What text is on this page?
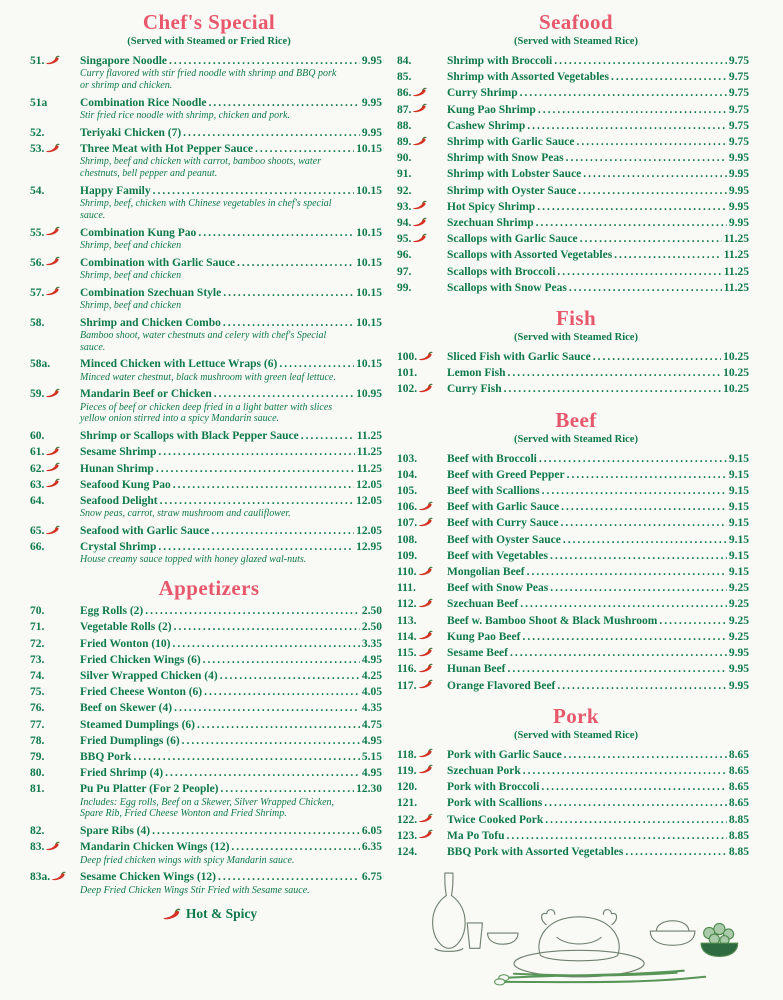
Chef's Special
(Served with Steamed or Fried Rice)
51.	Singapore Noodle .....	9.95
Curry flavored with stir fried noodle with shrimp and BBQ pork or shrimp and chicken.
51a	Combination Rice Noodle .....	9.95
Stir fried rice noodle with shrimp, chicken and pork.
52.	Teriyaki Chicken (7) .....	9.95
53.	Three Meat with Hot Pepper Sauce .....	10.15
Shrimp, beef and chicken with carrot, bamboo shoots, water chestnuts, bell pepper and peanut.
54.	Happy Family .....	10.15
Shrimp, beef, chicken with Chinese vegetables in chef's special sauce.
55.	Combination Kung Pao .....	10.15
Shrimp, beef and chicken
56.	Combination with Garlic Sauce .....	10.15
Shrimp, beef and chicken
57.	Combination Szechuan Style .....	10.15
Shrimp, beef and chicken
58.	Shrimp and Chicken Combo .....	10.15
Bamboo shoot, water chestnuts and celery with chef's Special sauce.
58a.	Minced Chicken with Lettuce Wraps (6) .....	10.15
Minced water chestnut, black mushroom with green leaf lettuce.
59.	Mandarin Beef or Chicken .....	10.95
Pieces of beef or chicken deep fried in a light batter with slices yellow onion stirred into a spicy Mandarin sauce.
60.	Shrimp or Scallops with Black Pepper Sauce .....	11.25
61.	Sesame Shrimp .....	11.25
62.	Hunan Shrimp .....	11.25
63.	Seafood Kung Pao .....	12.05
64.	Seafood Delight .....	12.05
Snow peas, carrot, straw mushroom and cauliflower.
65.	Seafood with Garlic Sauce .....	12.05
66.	Crystal Shrimp .....	12.95
House creamy sauce topped with honey glazed wal-nuts.
Appetizers
70.	Egg Rolls (2) .....	2.50
71.	Vegetable Rolls (2) .....	2.50
72.	Fried Wonton (10) .....	3.35
73.	Fried Chicken Wings (6) .....	4.95
74.	Silver Wrapped Chicken (4) .....	4.25
75.	Fried Cheese Wonton (6) .....	4.05
76.	Beef on Skewer (4) .....	4.35
77.	Steamed Dumplings (6) .....	4.75
78.	Fried Dumplings (6) .....	4.95
79.	BBQ Pork .....	5.15
80.	Fried Shrimp (4) .....	4.95
81.	Pu Pu Platter (For 2 People) .....	12.30
Includes: Egg rolls, Beef on a Skewer, Silver Wrapped Chicken, Spare Rib, Fried Cheese Wonton and Fried Shrimp.
82.	Spare Ribs (4) .....	6.05
83.	Mandarin Chicken Wings (12) .....	6.35
Deep fried chicken wings with spicy Mandarin sauce.
83a.	Sesame Chicken Wings (12) .....	6.75
Deep Fried Chicken Wings Stir Fried with Sesame sauce.
Hot & Spicy
Seafood
(Served with Steamed Rice)
84.	Shrimp with Broccoli .....	9.75
85.	Shrimp with Assorted Vegetables .....	9.75
86.	Curry Shrimp .....	9.75
87.	Kung Pao Shrimp .....	9.75
88.	Cashew Shrimp .....	9.75
89.	Shrimp with Garlic Sauce .....	9.75
90.	Shrimp with Snow Peas .....	9.95
91.	Shrimp with Lobster Sauce .....	9.95
92.	Shrimp with Oyster Sauce .....	9.95
93.	Hot Spicy Shrimp .....	9.95
94.	Szechuan Shrimp .....	9.95
95.	Scallops with Garlic Sauce .....	11.25
96.	Scallops with Assorted Vegetables .....	11.25
97.	Scallops with Broccoli .....	11.25
99.	Scallops with Snow Peas .....	11.25
Fish
(Served with Steamed Rice)
100.	Sliced Fish with Garlic Sauce .....	10.25
101.	Lemon Fish .....	10.25
102.	Curry Fish .....	10.25
Beef
(Served with Steamed Rice)
103.	Beef with Broccoli .....	9.15
104.	Beef with Greed Pepper .....	9.15
105.	Beef with Scallions .....	9.15
106.	Beef with Garlic Sauce .....	9.15
107.	Beef with Curry Sauce .....	9.15
108.	Beef with Oyster Sauce .....	9.15
109.	Beef with Vegetables .....	9.15
110.	Mongolian Beef .....	9.15
111.	Beef with Snow Peas .....	9.25
112.	Szechuan Beef .....	9.25
113.	Beef w. Bamboo Shoot & Black Mushroom .....	9.25
114.	Kung Pao Beef .....	9.25
115.	Sesame Beef .....	9.95
116.	Hunan Beef .....	9.95
117.	Orange Flavored Beef .....	9.95
Pork
(Served with Steamed Rice)
118.	Pork with Garlic Sauce .....	8.65
119.	Szechuan Pork .....	8.65
120.	Pork with Broccoli .....	8.65
121.	Pork with Scallions .....	8.65
122.	Twice Cooked Pork .....	8.85
123.	Ma Po Tofu .....	8.85
124.	BBQ Pork with Assorted Vegetables .....	8.85
